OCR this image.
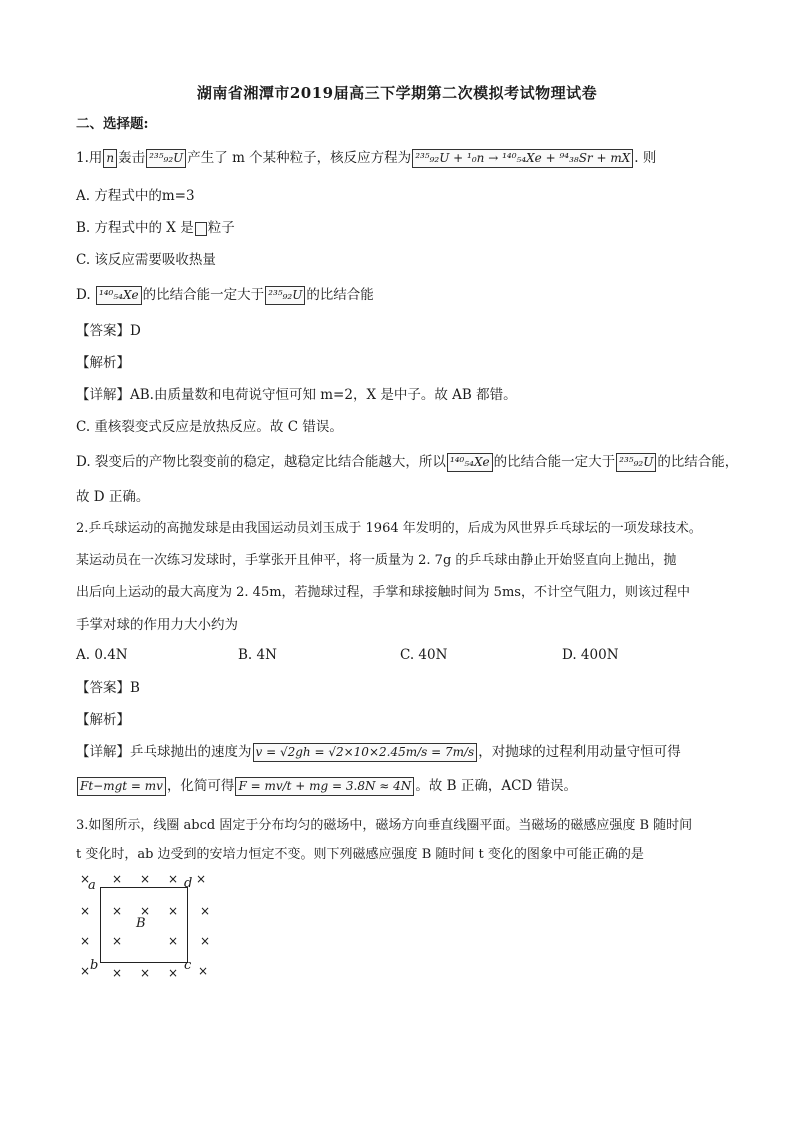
湖南省湘潭市2019届高三下学期第二次模拟考试物理试卷
二、选择题:
1.用 n 轰击 ²³⁵₉₂U 产生了 m 个某种粒子，核反应方程为 ²³⁵₉₂U + ¹₀n → ¹⁴⁰₅₄Xe + ⁹⁴₃₈Sr + mX . 则
A. 方程式中的m=3
B. 方程式中的 X 是 粒子
C. 该反应需要吸收热量
D. ¹⁴⁰₅₄Xe 的比结合能一定大于 ²³⁵₉₂U 的比结合能
【答案】D
【解析】
【详解】AB.由质量数和电荷说守恒可知 m=2，X 是中子。故 AB 都错。
C. 重核裂变式反应是放热反应。故 C 错误。
D. 裂变后的产物比裂变前的稳定，越稳定比结合能越大，所以 ¹⁴⁰₅₄Xe 的比结合能一定大于 ²³⁵₉₂U 的比结合能，
故 D 正确。
2.乒乓球运动的高抛发球是由我国运动员刘玉成于 1964 年发明的，后成为风世界乒乓球坛的一项发球技术。
某运动员在一次练习发球时，手掌张开且伸平，将一质量为 2. 7g 的乒乓球由静止开始竖直向上抛出，抛
出后向上运动的最大高度为 2. 45m，若抛球过程，手掌和球接触时间为 5ms，不计空气阻力，则该过程中
手掌对球的作用力大小约为
A. 0.4N	B. 4N	C. 40N	D. 400N
【答案】B
【解析】
【详解】乒乓球抛出的速度为 v = √2gh = √2×10×2.45m/s = 7m/s ，对抛球的过程利用动量守恒可得
Ft−mgt = mv ，化简可得 F = mv/t + mg = 3.8N ≈ 4N 。故 B 正确，ACD 错误。
3.如图所示，线圈 abcd 固定于分布均匀的磁场中，磁场方向垂直线圈平面。当磁场的磁感应强度 B 随时间
t 变化时，ab 边受到的安培力恒定不变。则下列磁感应强度 B 随时间 t 变化的图象中可能正确的是
×
a × × × d ×
× × × × ×
B
× ×	× ×
× b × × × c ×
